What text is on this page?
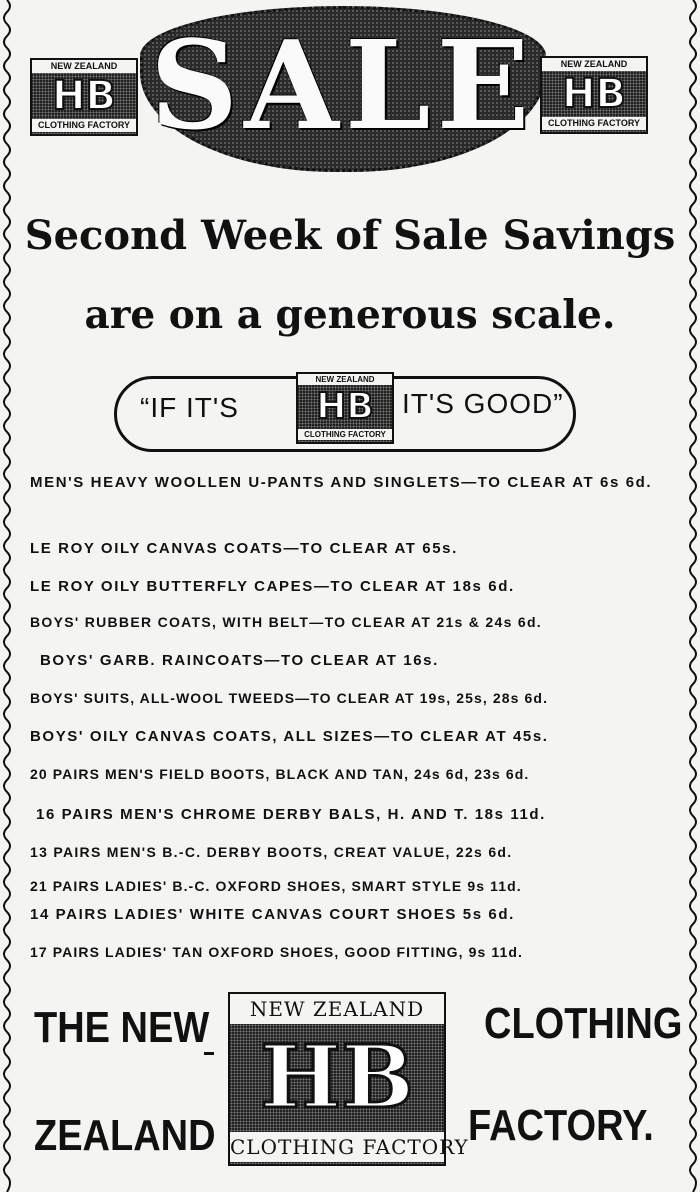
SALE
NEW ZEALAND
HB
CLOTHING FACTORY
NEW ZEALAND
HB
CLOTHING FACTORY
Second Week of Sale Savings
are on a generous scale.
“IF IT'S	IT'S GOOD”
NEW ZEALAND
HB
CLOTHING FACTORY
MEN'S HEAVY WOOLLEN U-PANTS AND SINGLETS—TO CLEAR AT 6s 6d.
LE ROY OILY CANVAS COATS—TO CLEAR AT 65s.
LE ROY OILY BUTTERFLY CAPES—TO CLEAR AT 18s 6d.
BOYS' RUBBER COATS, WITH BELT—TO CLEAR AT 21s & 24s 6d.
BOYS' GARB. RAINCOATS—TO CLEAR AT 16s.
BOYS' SUITS, ALL-WOOL TWEEDS—TO CLEAR AT 19s, 25s, 28s 6d.
BOYS' OILY CANVAS COATS, ALL SIZES—TO CLEAR AT 45s.
20 PAIRS MEN'S FIELD BOOTS, BLACK AND TAN, 24s 6d, 23s 6d.
16 PAIRS MEN'S CHROME DERBY BALS, H. AND T. 18s 11d.
13 PAIRS MEN'S B.-C. DERBY BOOTS, CREAT VALUE, 22s 6d.
21 PAIRS LADIES' B.-C. OXFORD SHOES, SMART STYLE 9s 11d.
14 PAIRS LADIES' WHITE CANVAS COURT SHOES 5s 6d.
17 PAIRS LADIES' TAN OXFORD SHOES, GOOD FITTING, 9s 11d.
THE NEW
ZEALAND
CLOTHING
FACTORY.
NEW ZEALAND
HB
CLOTHING FACTORY
